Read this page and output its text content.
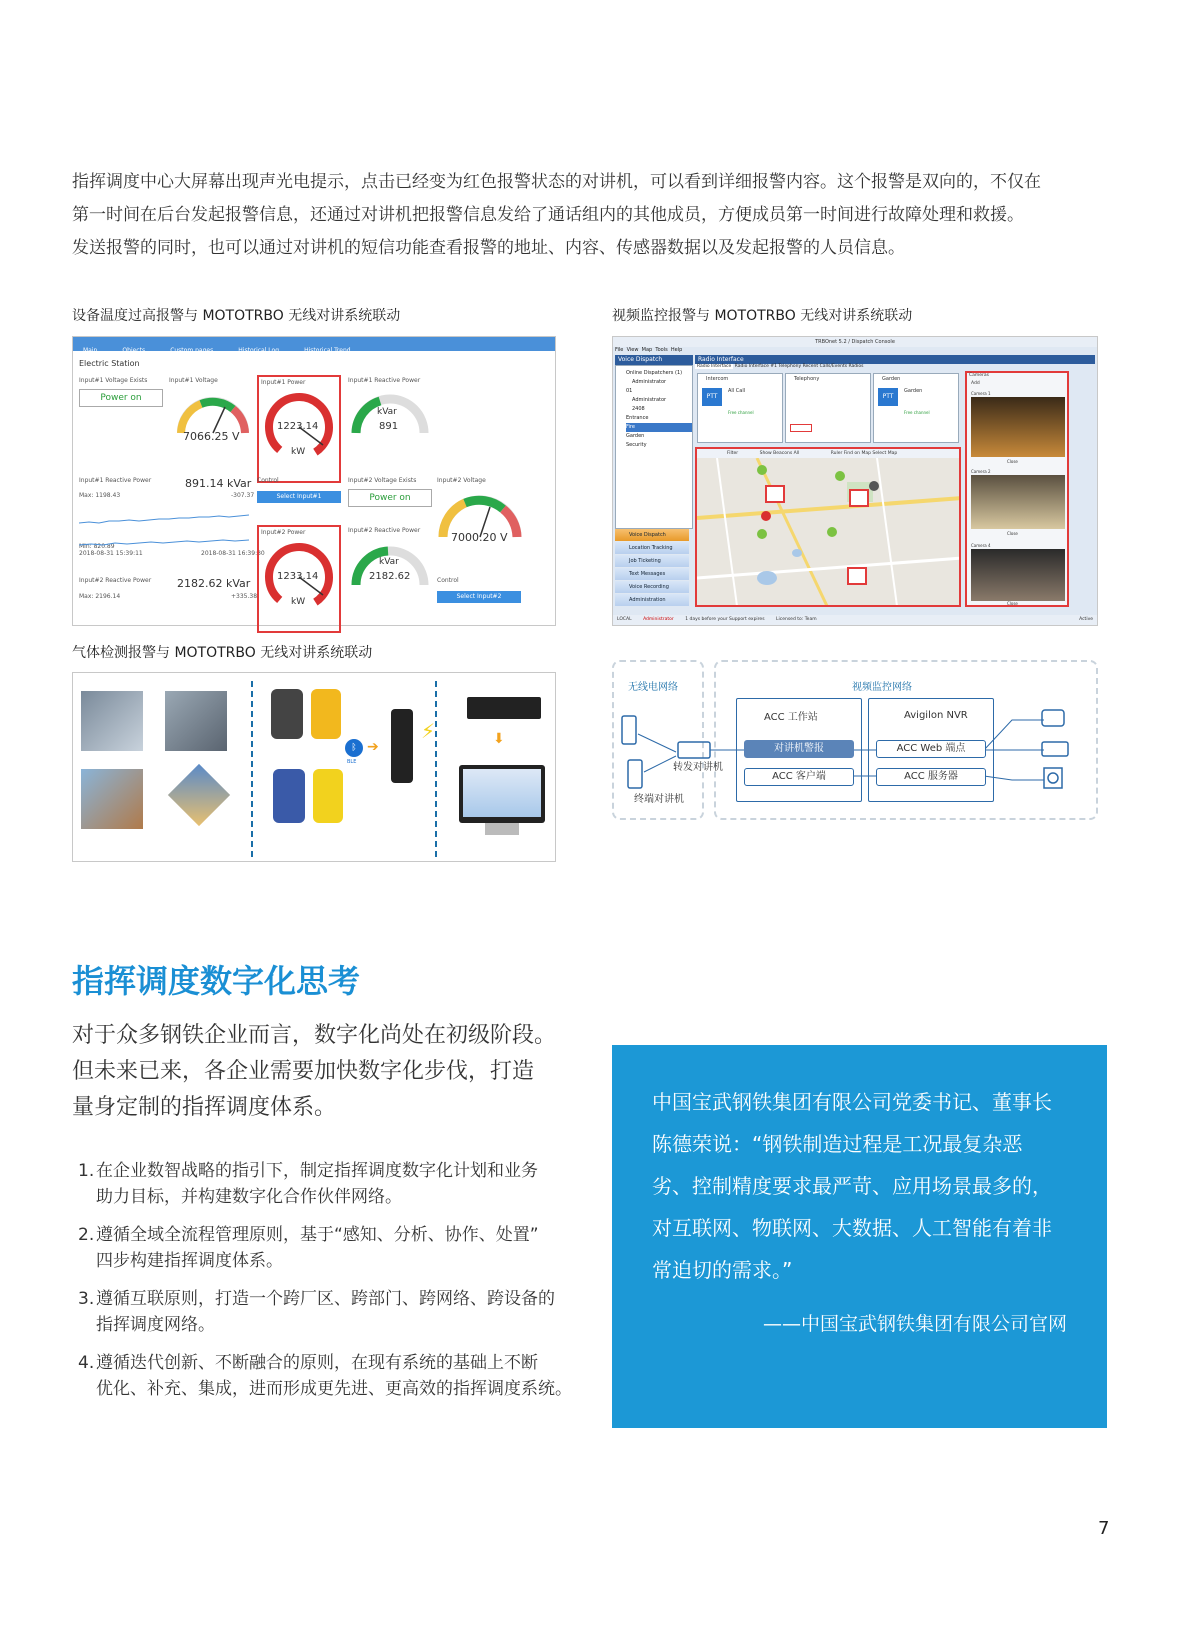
指挥调度中心大屏幕出现声光电提示，点击已经变为红色报警状态的对讲机，可以看到详细报警内容。这个报警是双向的，不仅在

第一时间在后台发起报警信息，还通过对讲机把报警信息发给了通话组内的其他成员，方便成员第一时间进行故障处理和救援。

发送报警的同时，也可以通过对讲机的短信功能查看报警的地址、内容、传感器数据以及发起报警的人员信息。

设备温度过高报警与 MOTOTRBO 无线对讲系统联动	视频监控报警与 MOTOTRBO 无线对讲系统联动
气体检测报警与 MOTOTRBO 无线对讲系统联动
Main	Objects	Custom pages	Historical Log	Historical Trend
Electric Station
Input#1 Voltage Exists
Power on
Input#1 Voltage
7066.25 V
Input#1 Power
1223.14
kW
Input#1 Reactive Power
kVar
891
Input#1 Reactive Power	891.14 kVar
Max: 1198.43	-307.37
Control
Select Input#1
Input#2 Voltage Exists
Power on
Input#2 Voltage
7000.20 V
Min: 820.89
2018-08-31 15:39:11	2018-08-31 16:39:30
Input#2 Power
1233.14
kW
Input#2 Reactive Power
kVar
2182.62
Input#2 Reactive Power 2182.62 kVar
Max: 2196.14	+335.38
Control
Select Input#2
TRBOnet 5.2 / Dispatch Console
File View Map Tools Help
Voice Dispatch
Online Dispatchers (1)
Administrator
01
Administrator
2408
Entrance
Fire
Garden
Security
Voice Dispatch
Location Tracking
Job Ticketing
Text Messages
Voice Recording
Administration
Radio Interface
Radio Interface Radio Interface #1 Telephony Recent Calls/Events Radios
Intercom
PTT
All Call
Free channel
Telephony	Garden
PTT
Garden
Free channel
Filter	Show Beacons All	Ruler Find on Map Select Map
Cameras
Add
Camera 1
Close
Camera 2
Close
Camera 4
Close
LOCAL	Administrator	1 days before your Support expires	Licensed to: Team	Active
ᛒ
BLE
➔
⚡	⬇
无线电网络	视频监控网络
终端对讲机
转发对讲机
ACC 工作站
对讲机警报
ACC 客户端
Avigilon NVR
ACC Web 端点
ACC 服务器
指挥调度数字化思考
对于众多钢铁企业而言，数字化尚处在初级阶段。
但未来已来，各企业需要加快数字化步伐，打造
量身定制的指挥调度体系。
1. 在企业数智战略的指引下，制定指挥调度数字化计划和业务
助力目标，并构建数字化合作伙伴网络。
2. 遵循全域全流程管理原则，基于“感知、分析、协作、处置”
四步构建指挥调度体系。
3. 遵循互联原则，打造一个跨厂区、跨部门、跨网络、跨设备的
指挥调度网络。
4. 遵循迭代创新、不断融合的原则，在现有系统的基础上不断
优化、补充、集成，进而形成更先进、更高效的指挥调度系统。
中国宝武钢铁集团有限公司党委书记、董事长
陈德荣说：“钢铁制造过程是工况最复杂恶
劣、控制精度要求最严苛、应用场景最多的，
对互联网、物联网、大数据、人工智能有着非
常迫切的需求。”
——中国宝武钢铁集团有限公司官网
7
